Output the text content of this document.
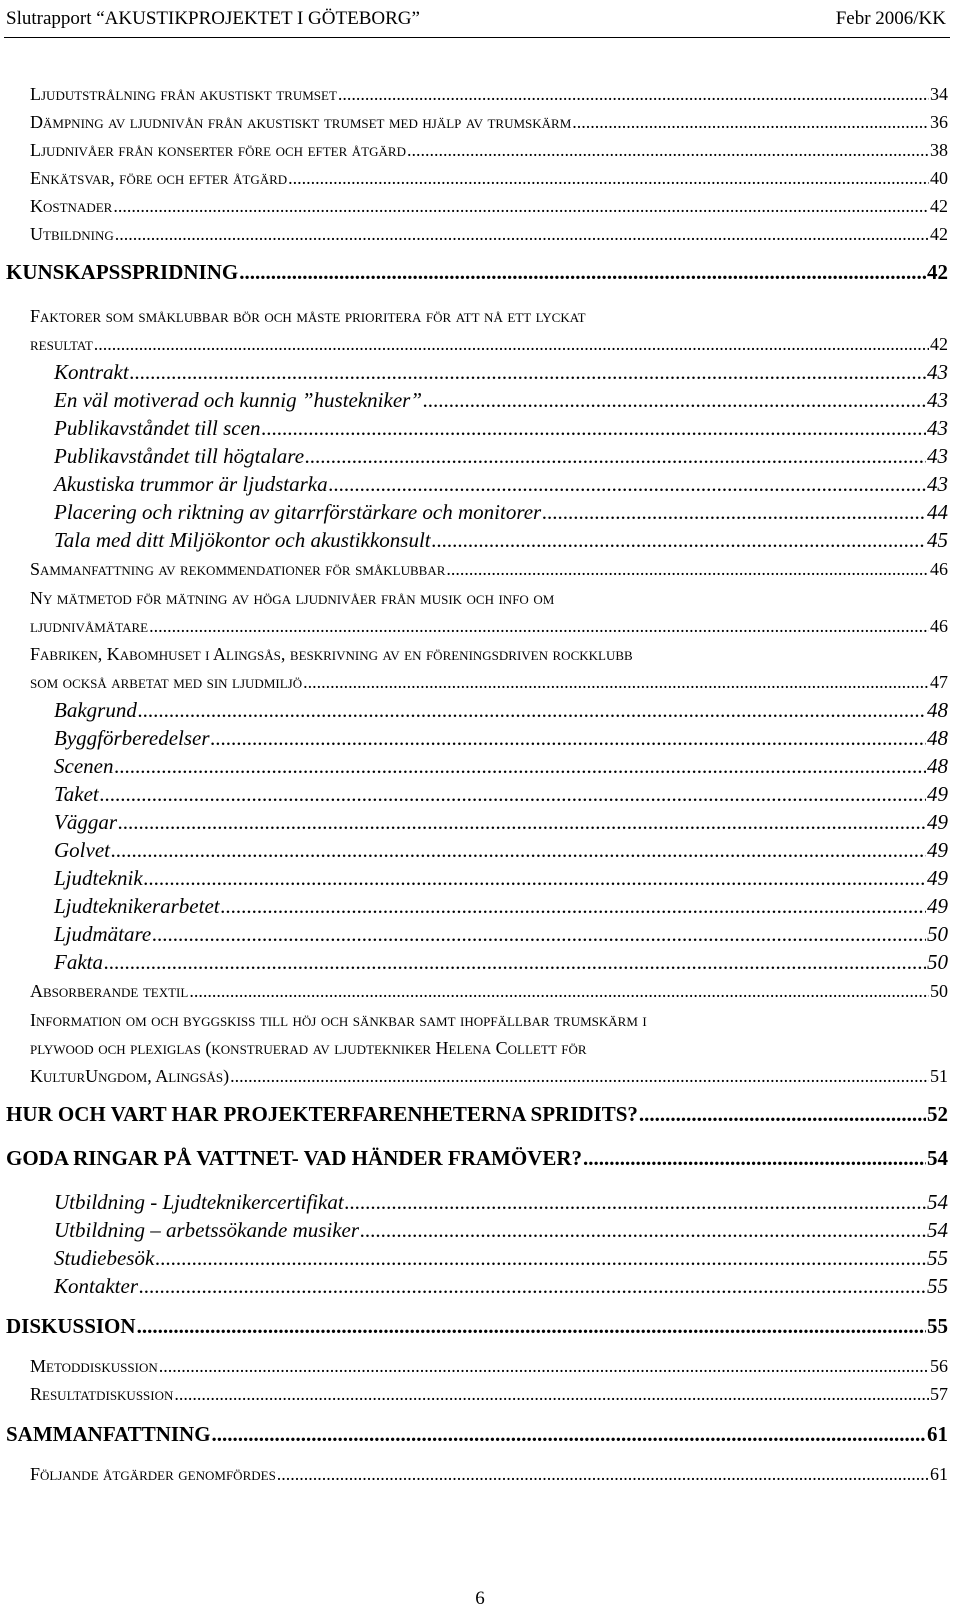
Slutrapport “AKUSTIKPROJEKTET I GÖTEBORG”	Febr 2006/KK
Ljudutstrålning från akustiskt trumset .....	34
Dämpning av ljudnivån från akustiskt trumset med hjälp av trumskärm .....	36
Ljudnivåer från konserter före och efter åtgärd .....	38
Enkätsvar, före och efter åtgärd .....	40
Kostnader .....	42
Utbildning .....	42
KUNSKAPSSPRIDNING .....	42
Faktorer som småklubbar bör och måste prioritera för att nå ett lyckat
resultat .....	42
Kontrakt .....	43
En väl motiverad och kunnig ”hustekniker” .....	43
Publikavståndet till scen .....	43
Publikavståndet till högtalare .....	43
Akustiska trummor är ljudstarka .....	43
Placering och riktning av gitarrförstärkare och monitorer .....	44
Tala med ditt Miljökontor och akustikkonsult .....	45
Sammanfattning av rekommendationer för småklubbar .....	46
Ny mätmetod för mätning av höga ljudnivåer från musik och info om
ljudnivåmätare .....	46
Fabriken, Kabomhuset i Alingsås, beskrivning av en föreningsdriven rockklubb
som också arbetat med sin ljudmiljö .....	47
Bakgrund .....	48
Byggförberedelser .....	48
Scenen .....	48
Taket .....	49
Väggar .....	49
Golvet .....	49
Ljudteknik .....	49
Ljudteknikerarbetet .....	49
Ljudmätare .....	50
Fakta .....	50
Absorberande textil .....	50
Information om och byggskiss till höj och sänkbar samt ihopfällbar trumskärm i
plywood och plexiglas (konstruerad av ljudtekniker Helena Collett för
KulturUngdom, Alingsås) .....	51
HUR OCH VART HAR PROJEKTERFARENHETERNA SPRIDITS? .....	52
GODA RINGAR PÅ VATTNET- VAD HÄNDER FRAMÖVER? .....	54
Utbildning - Ljudteknikercertifikat .....	54
Utbildning – arbetssökande musiker .....	54
Studiebesök .....	55
Kontakter .....	55
DISKUSSION .....	55
Metoddiskussion .....	56
Resultatdiskussion .....	57
SAMMANFATTNING .....	61
Följande åtgärder genomfördes .....	61
6
